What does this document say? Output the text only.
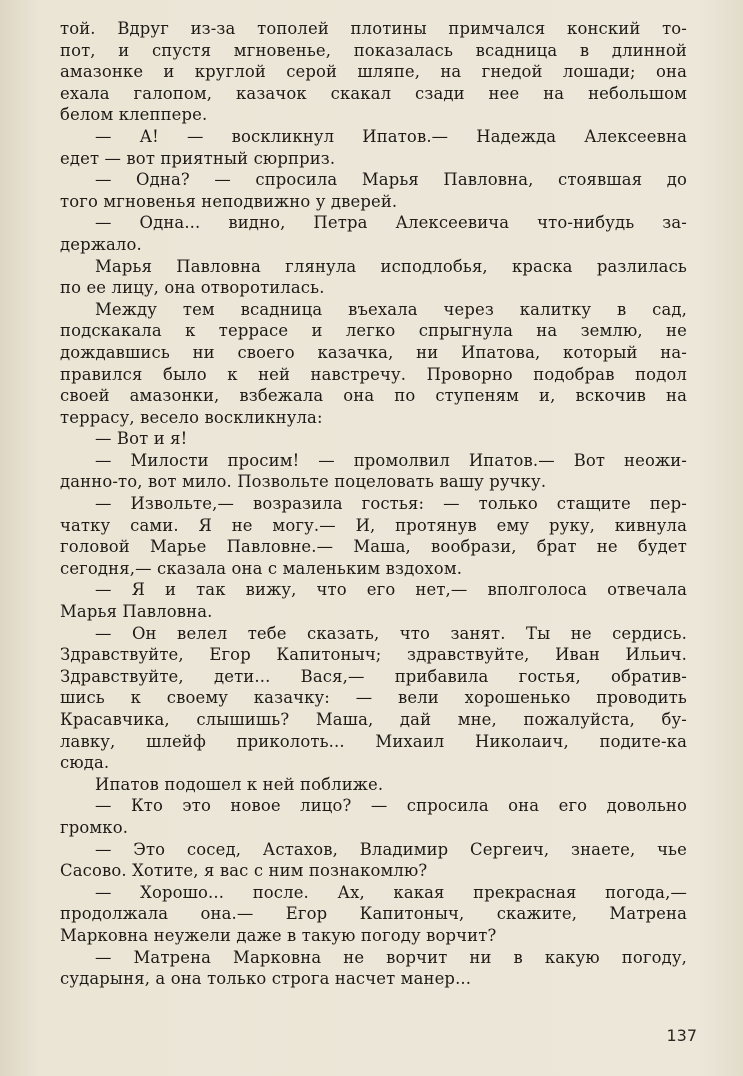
той. Вдруг из-за тополей плотины примчался конский то-
пот, и спустя мгновенье, показалась всадница в длинной
амазонке и круглой серой шляпе, на гнедой лошади; она
ехала галопом, казачок скакал сзади нее на небольшом
белом клеппере.
— А! — воскликнул Ипатов.— Надежда Алексеевна
едет — вот приятный сюрприз.
— Одна? — спросила Марья Павловна, стоявшая до
того мгновенья неподвижно у дверей.
— Одна... видно, Петра Алексеевича что-нибудь за-
держало.
Марья Павловна глянула исподлобья, краска разлилась
по ее лицу, она отворотилась.
Между тем всадница въехала через калитку в сад,
подскакала к террасе и легко спрыгнула на землю, не
дождавшись ни своего казачка, ни Ипатова, который на-
правился было к ней навстречу. Проворно подобрав подол
своей амазонки, взбежала она по ступеням и, вскочив на
террасу, весело воскликнула:
— Вот и я!
— Милости просим! — промолвил Ипатов.— Вот неожи-
данно-то, вот мило. Позвольте поцеловать вашу ручку.
— Извольте,— возразила гостья: — только стащите пер-
чатку сами. Я не могу.— И, протянув ему руку, кивнула
головой Марье Павловне.— Маша, вообрази, брат не будет
сегодня,— сказала она с маленьким вздохом.
— Я и так вижу, что его нет,— вполголоса отвечала
Марья Павловна.
— Он велел тебе сказать, что занят. Ты не сердись.
Здравствуйте, Егор Капитоныч; здравствуйте, Иван Ильич.
Здравствуйте, дети... Вася,— прибавила гостья, обратив-
шись к своему казачку: — вели хорошенько проводить
Красавчика, слышишь? Маша, дай мне, пожалуйста, бу-
лавку, шлейф приколоть... Михаил Николаич, подите-ка
сюда.
Ипатов подошел к ней поближе.
— Кто это новое лицо? — спросила она его довольно
громко.
— Это сосед, Астахов, Владимир Сергеич, знаете, чье
Сасово. Хотите, я вас с ним познакомлю?
— Хорошо... после. Ах, какая прекрасная погода,—
продолжала она.— Егор Капитоныч, скажите, Матрена
Марковна неужели даже в такую погоду ворчит?
— Матрена Марковна не ворчит ни в какую погоду,
сударыня, а она только строга насчет манер...
137
